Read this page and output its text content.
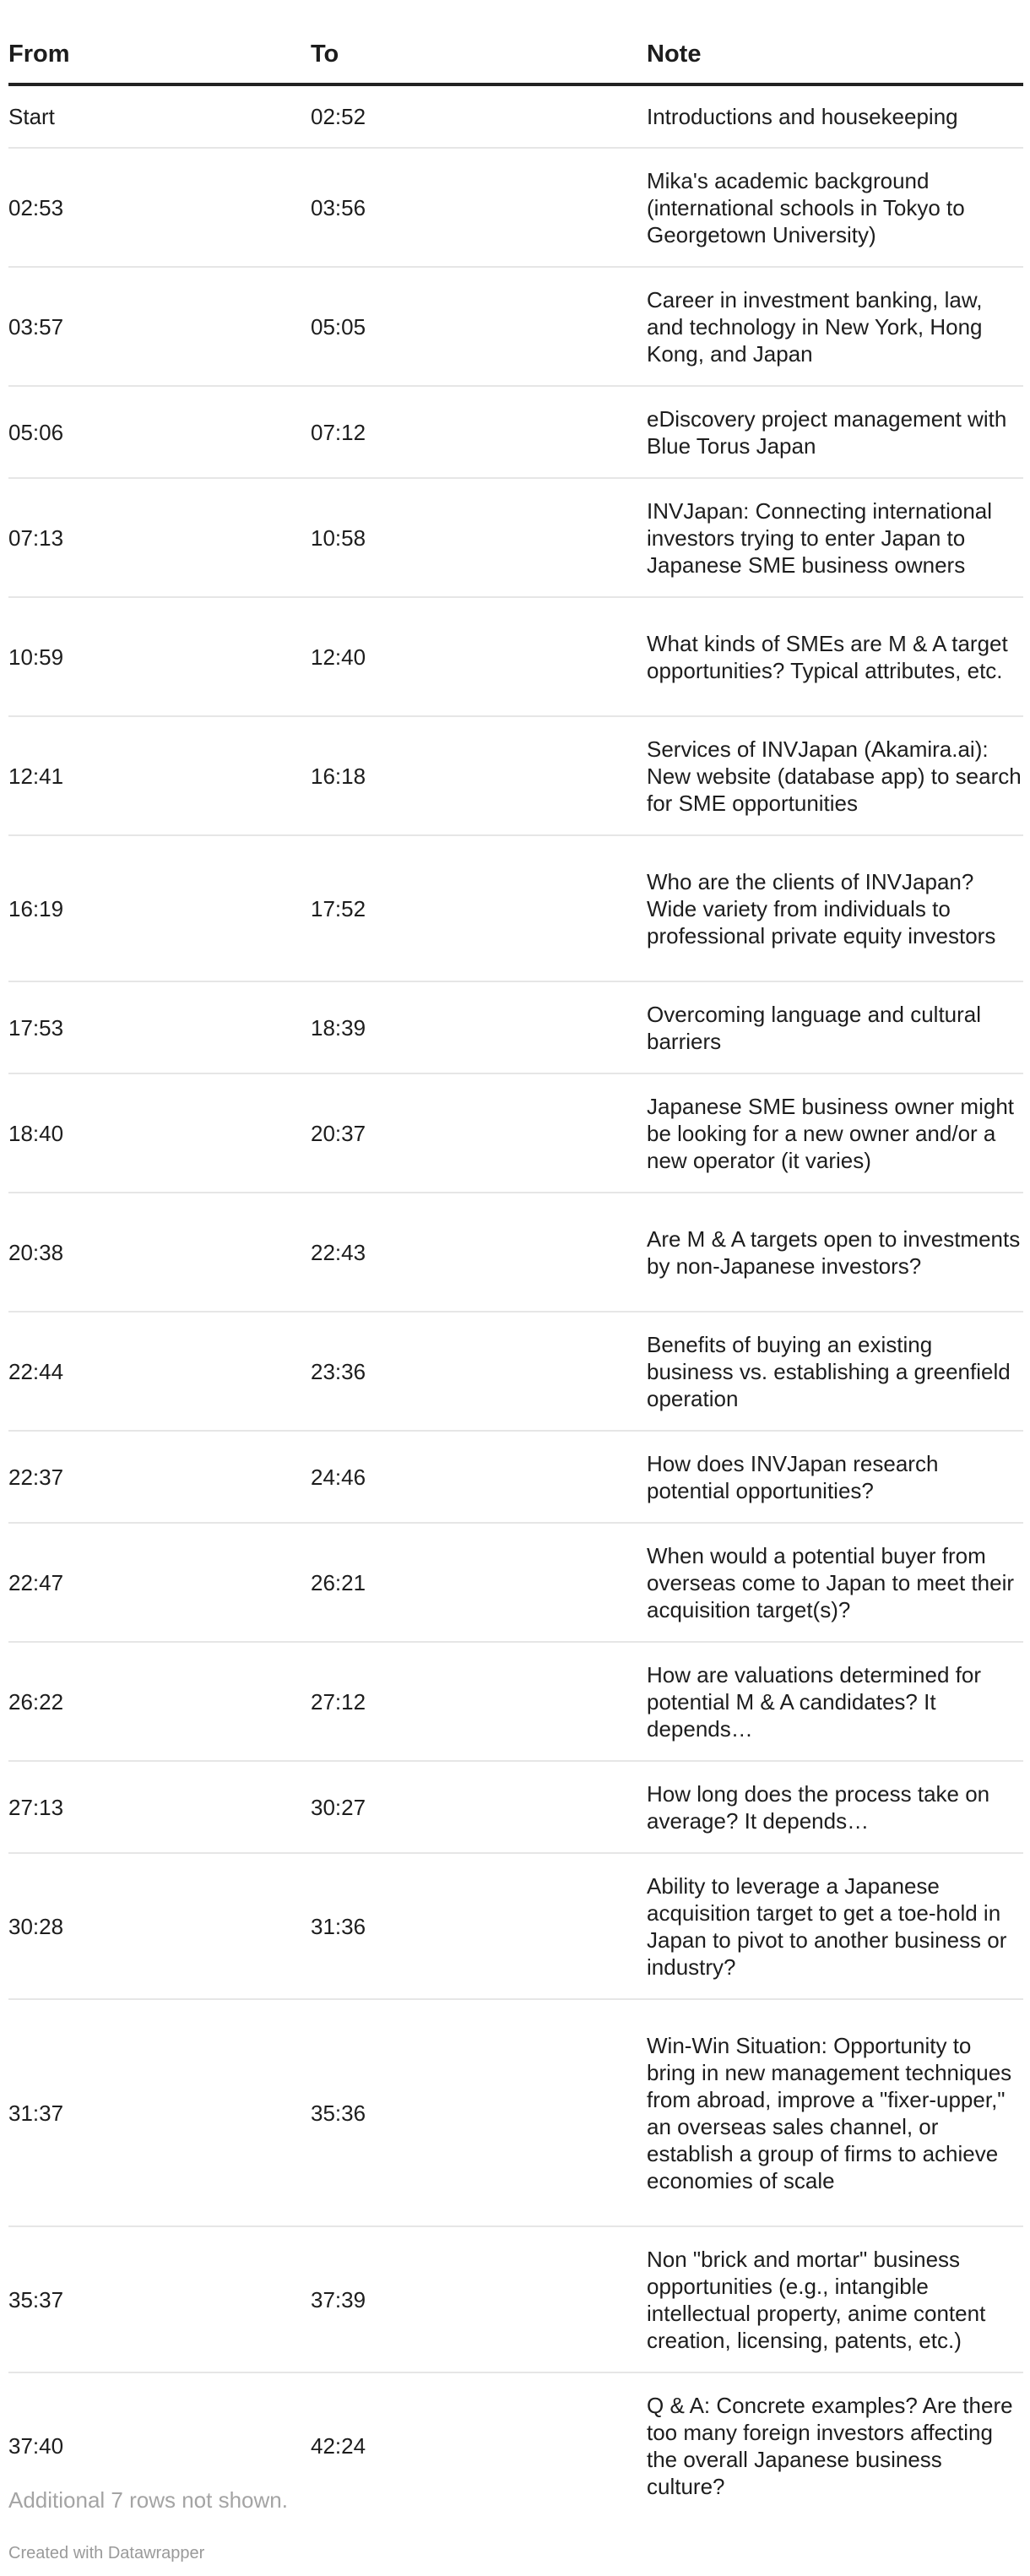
From	To	Note
Start	02:52	Introductions and housekeeping
02:53	03:56	Mika's academic background (international schools in Tokyo to Georgetown University)
03:57	05:05	Career in investment banking, law, and technology in New York, Hong Kong, and Japan
05:06	07:12	eDiscovery project management with Blue Torus Japan
07:13	10:58	INVJapan: Connecting international investors trying to enter Japan to Japanese SME business owners
10:59	12:40	What kinds of SMEs are M & A target opportunities? Typical attributes, etc.
12:41	16:18	Services of INVJapan (Akamira.ai): New website (database app) to search for SME opportunities
16:19	17:52	Who are the clients of INVJapan? Wide variety from individuals to professional private equity investors
17:53	18:39	Overcoming language and cultural barriers
18:40	20:37	Japanese SME business owner might be looking for a new owner and/or a new operator (it varies)
20:38	22:43	Are M & A targets open to investments by non-Japanese investors?
22:44	23:36	Benefits of buying an existing business vs. establishing a greenfield operation
22:37	24:46	How does INVJapan research potential opportunities?
22:47	26:21	When would a potential buyer from overseas come to Japan to meet their acquisition target(s)?
26:22	27:12	How are valuations determined for potential M & A candidates? It depends…
27:13	30:27	How long does the process take on average? It depends…
30:28	31:36	Ability to leverage a Japanese acquisition target to get a toe-hold in Japan to pivot to another business or industry?
31:37	35:36	Win-Win Situation: Opportunity to bring in new management techniques from abroad, improve a "fixer-upper," an overseas sales channel, or establish a group of firms to achieve economies of scale
35:37	37:39	Non "brick and mortar" business opportunities (e.g., intangible intellectual property, anime content creation, licensing, patents, etc.)
37:40	42:24	Q & A: Concrete examples? Are there too many foreign investors affecting the overall Japanese business culture?
Additional 7 rows not shown.
Created with Datawrapper
